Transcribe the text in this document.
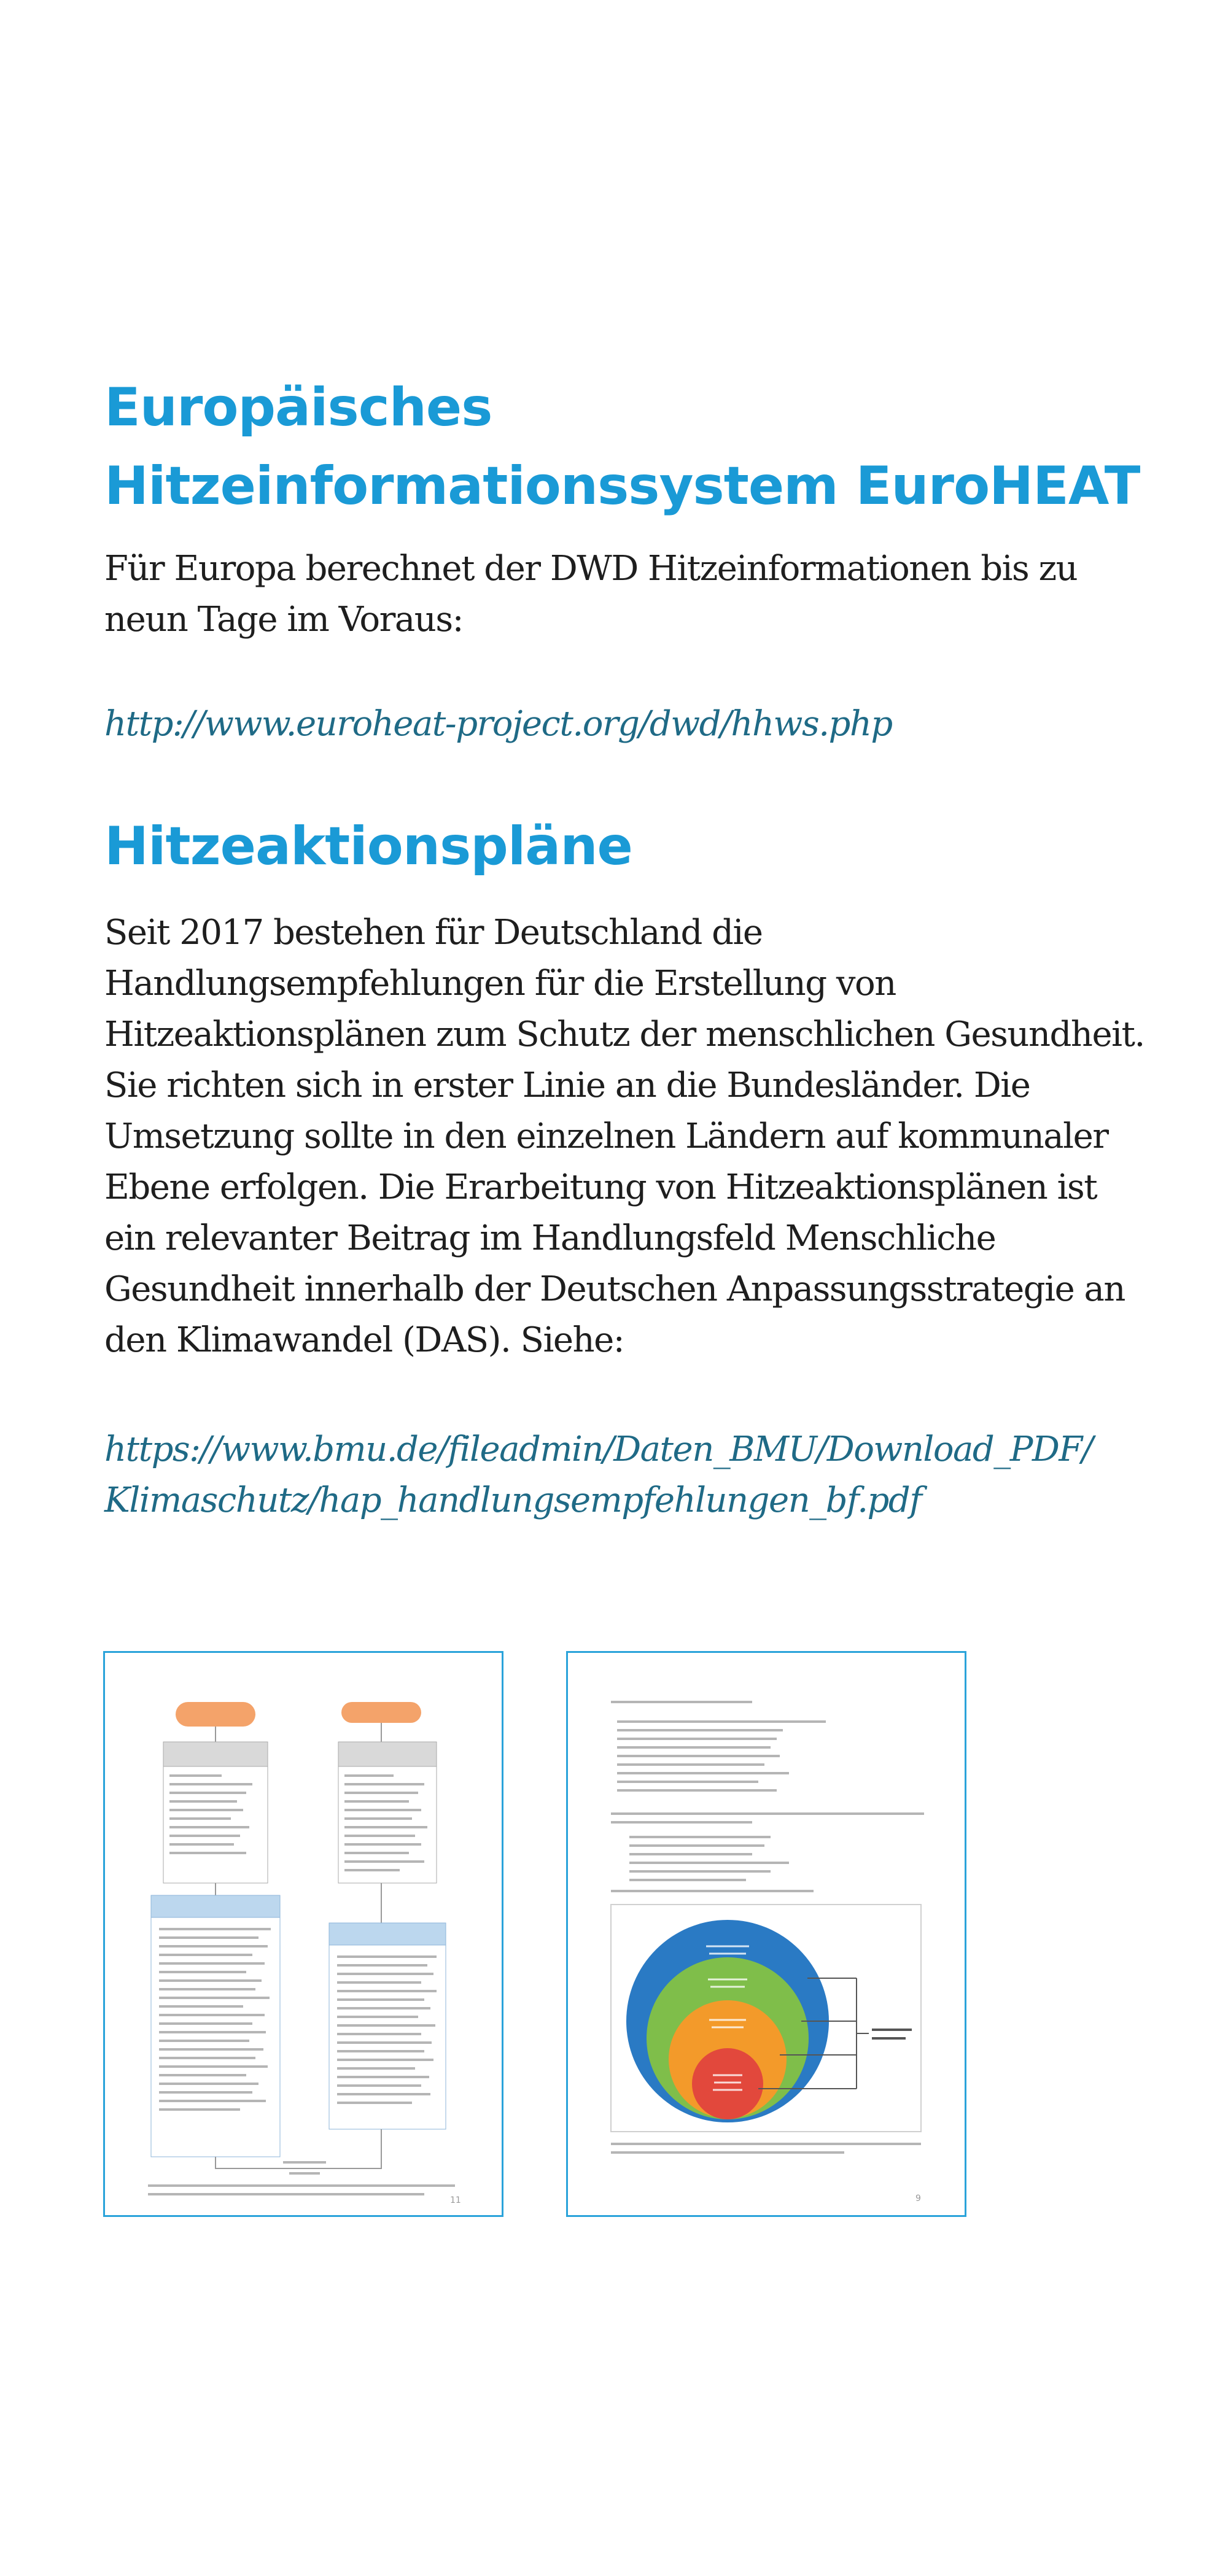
Europäisches
Hitzeinformationssystem EuroHEAT

Für Europa berechnet der DWD Hitzeinformationen bis zu neun Tage im Voraus:

http://www.euroheat-project.org/dwd/hhws.php
Hitzeaktionspläne

Seit 2017 bestehen für Deutschland die Handlungsempfehlungen für die Erstellung von Hitzeaktionsplänen zum Schutz der menschlichen Gesundheit. Sie richten sich in erster Linie an die Bundesländer. Die Umsetzung sollte in den einzelnen Ländern auf kommunaler Ebene erfolgen. Die Erarbeitung von Hitzeaktionsplänen ist ein relevanter Beitrag im Handlungsfeld Menschliche Gesundheit innerhalb der Deutschen Anpassungsstrategie an den Klimawandel (DAS). Siehe:

https://www.bmu.de/fileadmin/Daten_BMU/Download_PDF/
Klimaschutz/hap_handlungsempfehlungen_bf.pdf
11	9
